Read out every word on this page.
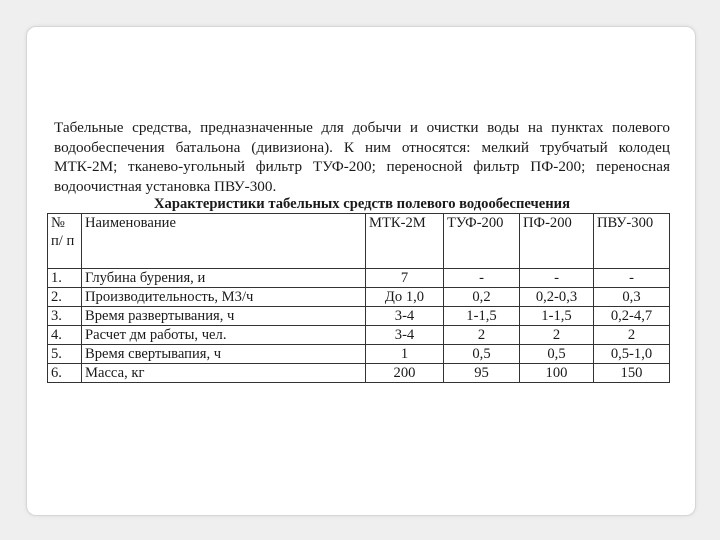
Табельные средства, предназначенные для добычи и очистки воды на пунктах полевого водообеспечения батальона (дивизиона). К ним относятся: мелкий трубчатый колодец МТК-2М; тканево-угольный фильтр ТУФ-200; переносной фильтр ПФ-200; переносная водоочистная установка ПВУ-300.

Характеристики табельных средств полевого водообеспечения

№ п/ п	Наименование	МТК-2М	ТУФ-200	ПФ-200	ПВУ-300
1.	Глубина бурения, и	7	-	-	-
2.	Производительность, М3/ч	До 1,0	0,2	0,2-0,3	0,3
3.	Время развертывания, ч	3-4	1-1,5	1-1,5	0,2-4,7
4.	Расчет дм работы, чел.	3-4	2	2	2
5.	Время свертывапия, ч	1	0,5	0,5	0,5-1,0
6.	Масса, кг	200	95	100	150
